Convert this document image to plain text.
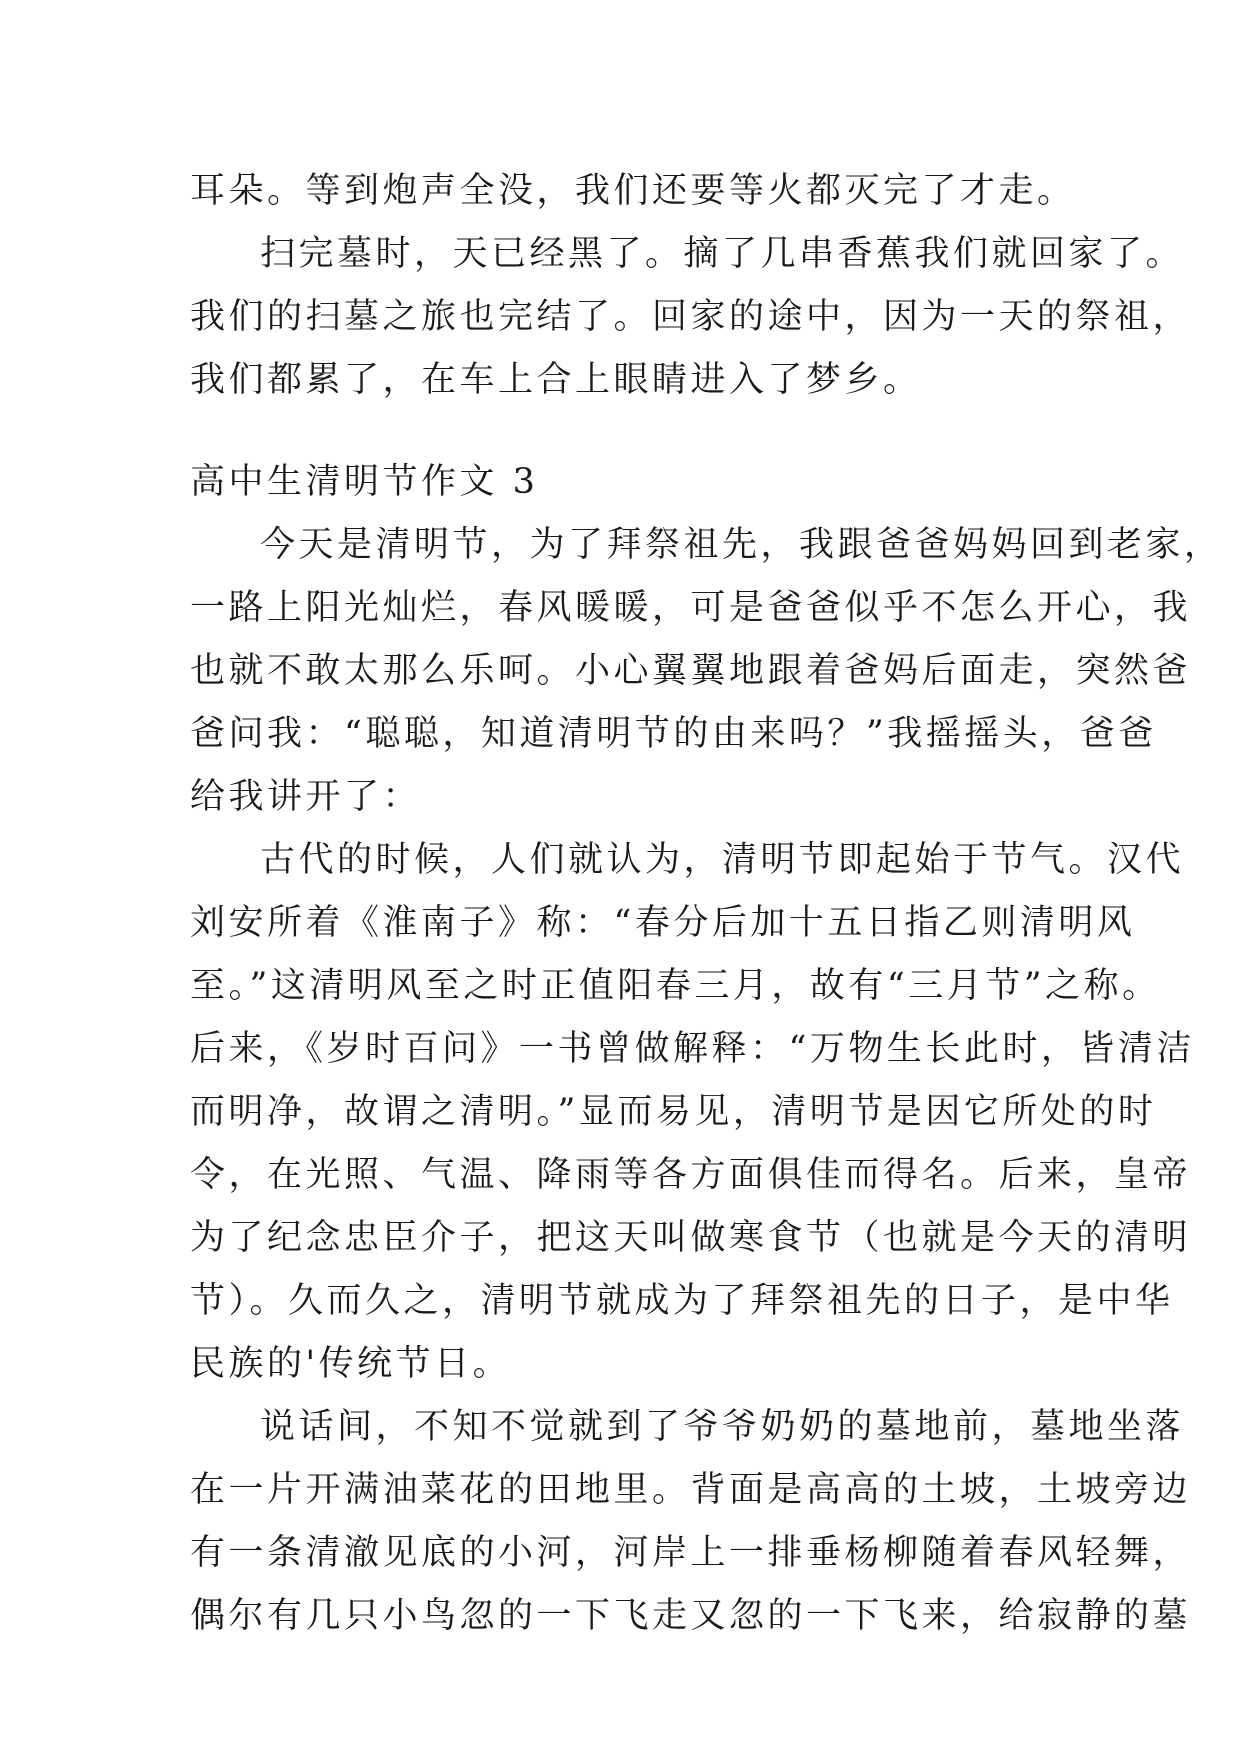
耳朵。等到炮声全没，我们还要等火都灭完了才走。
扫完墓时，天已经黑了。摘了几串香蕉我们就回家了。
我们的扫墓之旅也完结了。回家的途中，因为一天的祭祖，
我们都累了，在车上合上眼睛进入了梦乡。
高中生清明节作文 3
今天是清明节，为了拜祭祖先，我跟爸爸妈妈回到老家，
一路上阳光灿烂，春风暖暖，可是爸爸似乎不怎么开心，我
也就不敢太那么乐呵。小心翼翼地跟着爸妈后面走，突然爸
爸问我：“聪聪，知道清明节的由来吗？”我摇摇头，爸爸
给我讲开了：
古代的时候，人们就认为，清明节即起始于节气。汉代
刘安所着《淮南子》称：“春分后加十五日指乙则清明风
至。”这清明风至之时正值阳春三月，故有“三月节”之称。
后来，《岁时百问》一书曾做解释：“万物生长此时，皆清洁
而明净，故谓之清明。”显而易见，清明节是因它所处的时
令，在光照、气温、降雨等各方面俱佳而得名。后来，皇帝
为了纪念忠臣介子，把这天叫做寒食节（也就是今天的清明
节）。久而久之，清明节就成为了拜祭祖先的日子，是中华
民族的'传统节日。
说话间，不知不觉就到了爷爷奶奶的墓地前，墓地坐落
在一片开满油菜花的田地里。背面是高高的土坡，土坡旁边
有一条清澈见底的小河，河岸上一排垂杨柳随着春风轻舞，
偶尔有几只小鸟忽的一下飞走又忽的一下飞来，给寂静的墓
